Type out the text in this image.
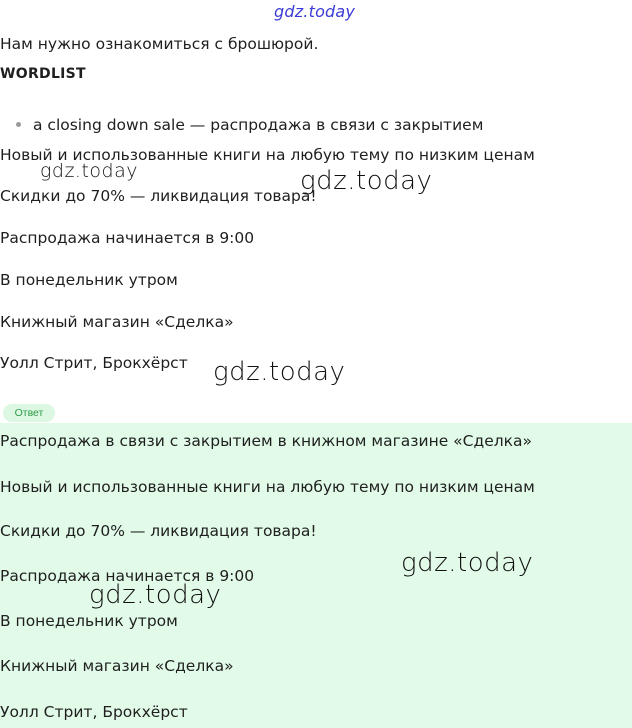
gdz.today
Нам нужно ознакомиться с брошюрой.
WORDLIST
a closing down sale — распродажа в связи с закрытием
Новый и использованные книги на любую тему по низким ценам
Скидки до 70% — ликвидация товара!
Распродажа начинается в 9:00
В понедельник утром
Книжный магазин «Сделка»
Уолл Стрит, Брокхёрст
gdz.today	gdz.today
gdz.today
Ответ
Распродажа в связи с закрытием в книжном магазине «Сделка»
Новый и использованные книги на любую тему по низким ценам
Скидки до 70% — ликвидация товара!
Распродажа начинается в 9:00
В понедельник утром
Книжный магазин «Сделка»
Уолл Стрит, Брокхёрст
gdz.today
gdz.today
